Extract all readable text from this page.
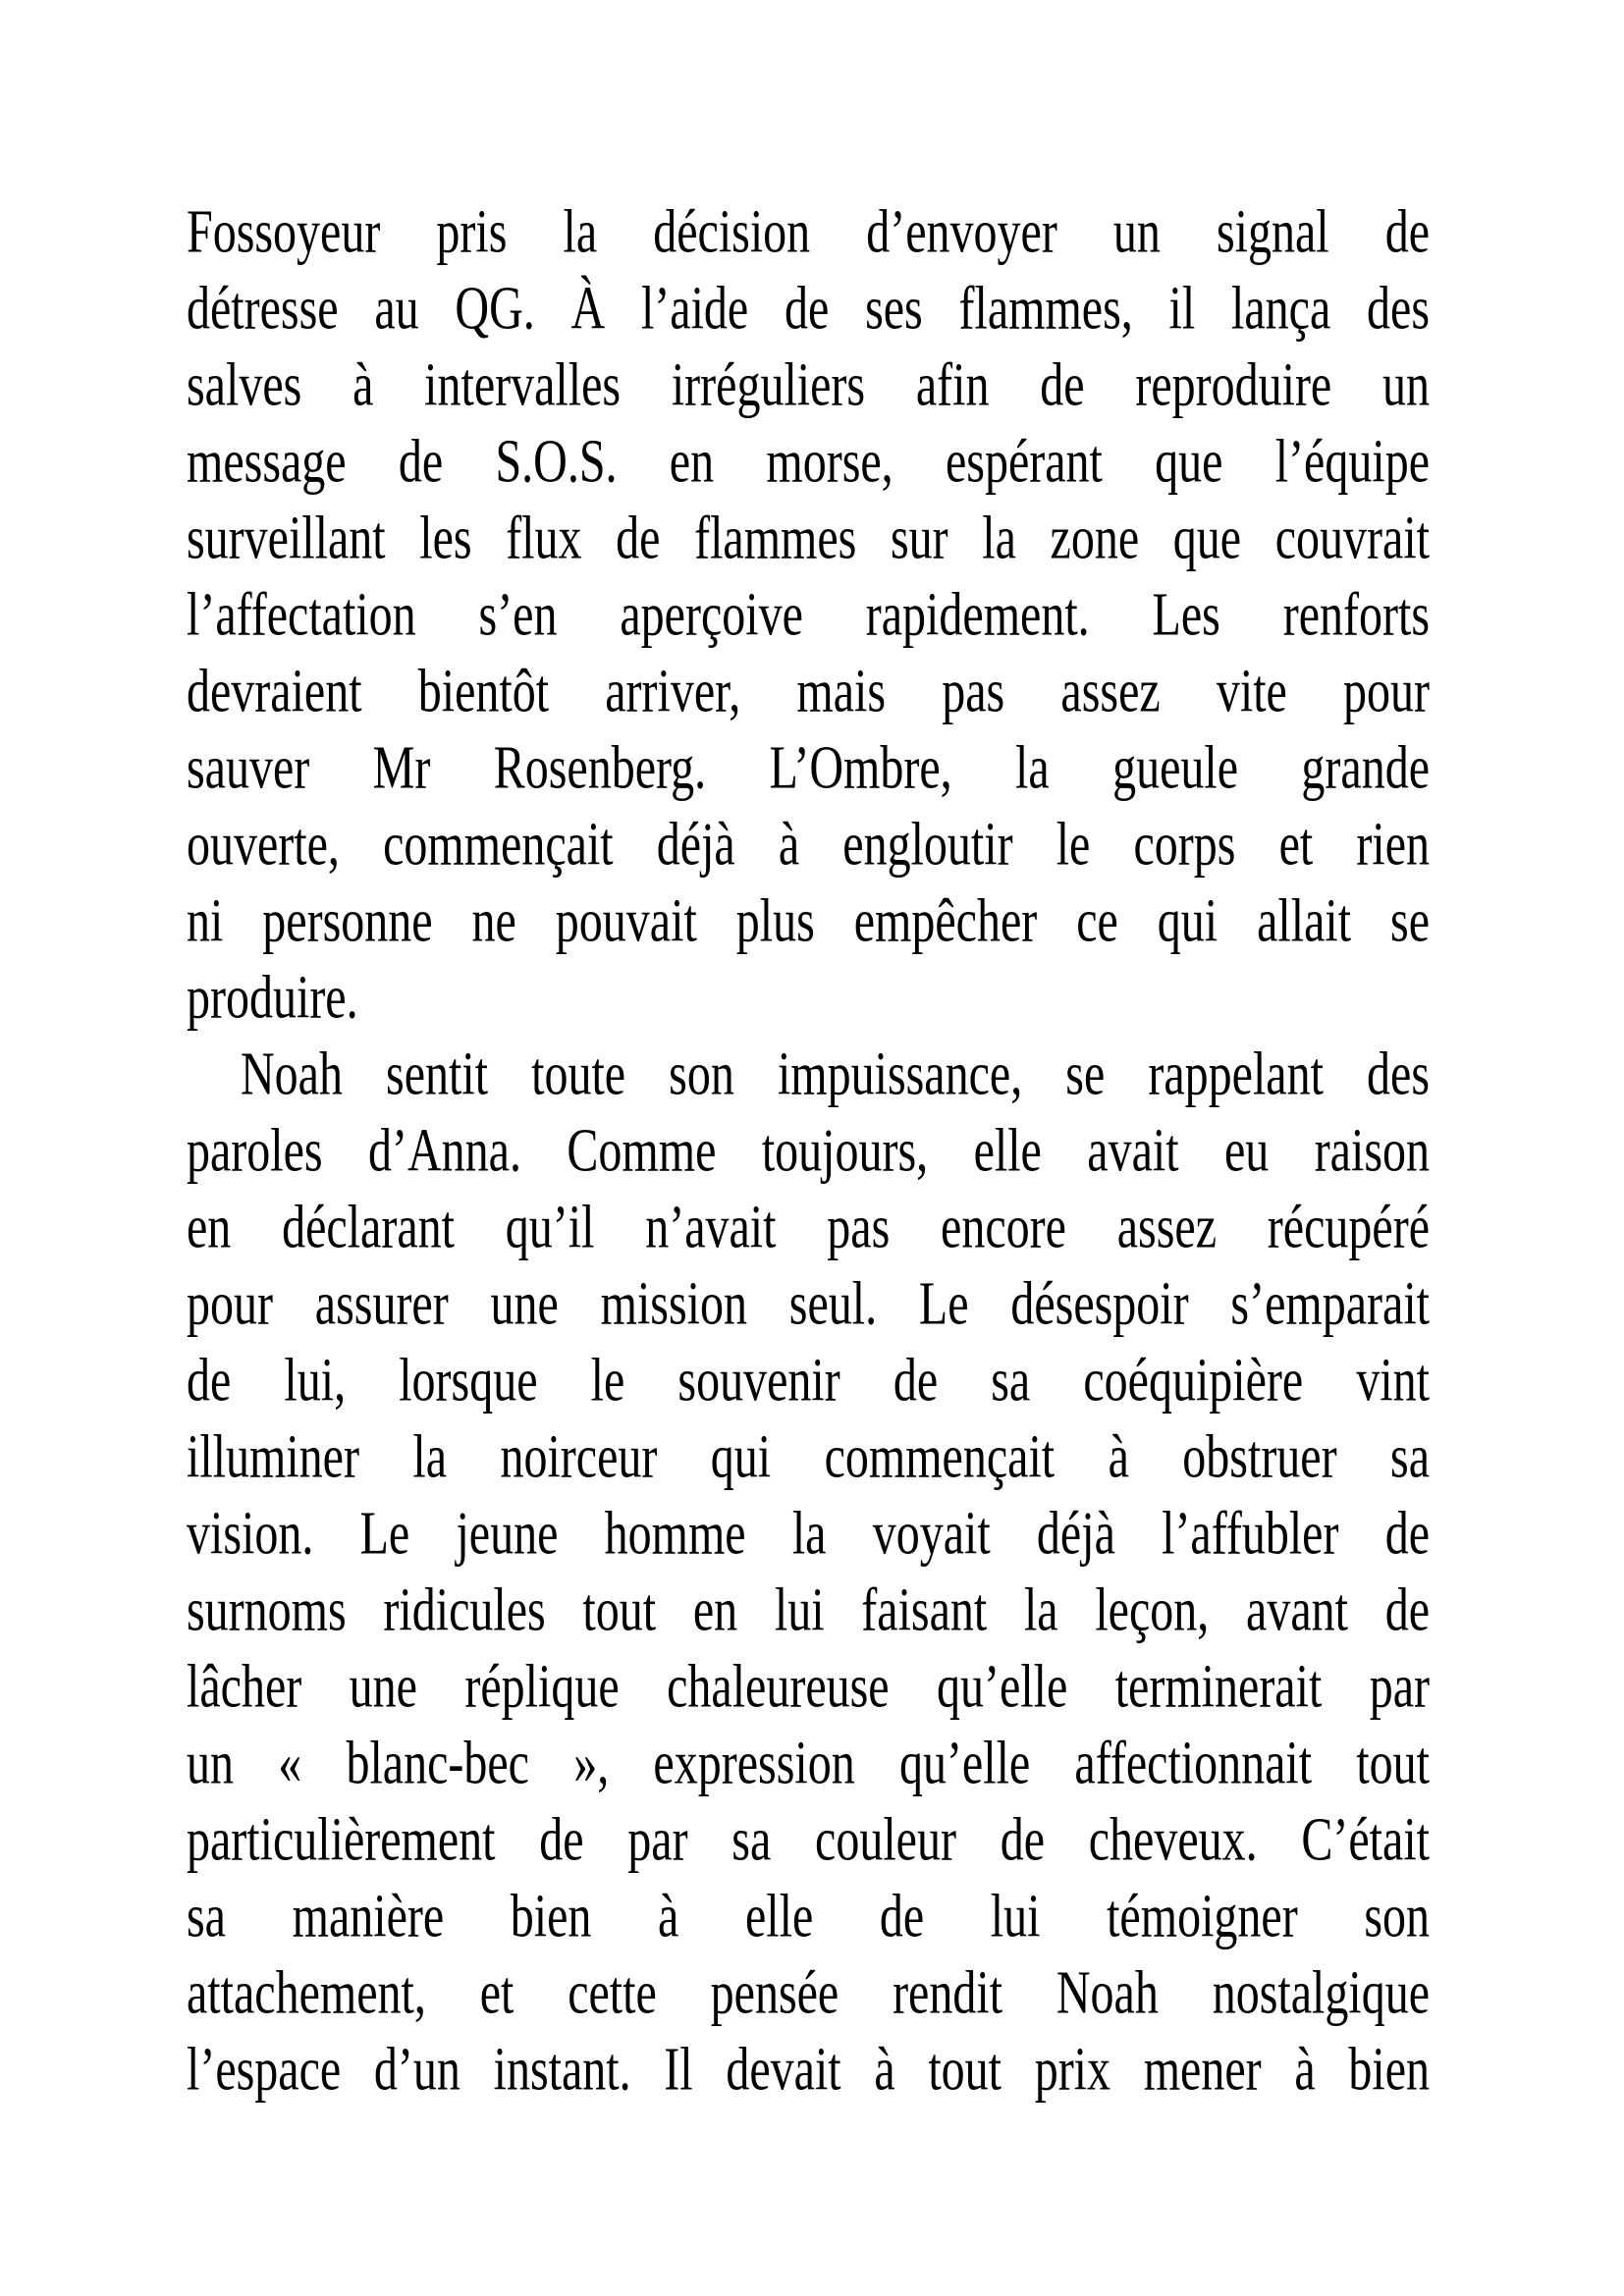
Fossoyeur pris la décision d’envoyer un signal de
détresse au QG. À l’aide de ses flammes, il lança des
salves à intervalles irréguliers afin de reproduire un
message de S.O.S. en morse, espérant que l’équipe
surveillant les flux de flammes sur la zone que couvrait
l’affectation s’en aperçoive rapidement. Les renforts
devraient bientôt arriver, mais pas assez vite pour
sauver Mr Rosenberg. L’Ombre, la gueule grande
ouverte, commençait déjà à engloutir le corps et rien
ni personne ne pouvait plus empêcher ce qui allait se
produire.

Noah sentit toute son impuissance, se rappelant des
paroles d’Anna. Comme toujours, elle avait eu raison
en déclarant qu’il n’avait pas encore assez récupéré
pour assurer une mission seul. Le désespoir s’emparait
de lui, lorsque le souvenir de sa coéquipière vint
illuminer la noirceur qui commençait à obstruer sa
vision. Le jeune homme la voyait déjà l’affubler de
surnoms ridicules tout en lui faisant la leçon, avant de
lâcher une réplique chaleureuse qu’elle terminerait par
un « blanc-bec », expression qu’elle affectionnait tout
particulièrement de par sa couleur de cheveux. C’était
sa manière bien à elle de lui témoigner son
attachement, et cette pensée rendit Noah nostalgique
l’espace d’un instant. Il devait à tout prix mener à bien
